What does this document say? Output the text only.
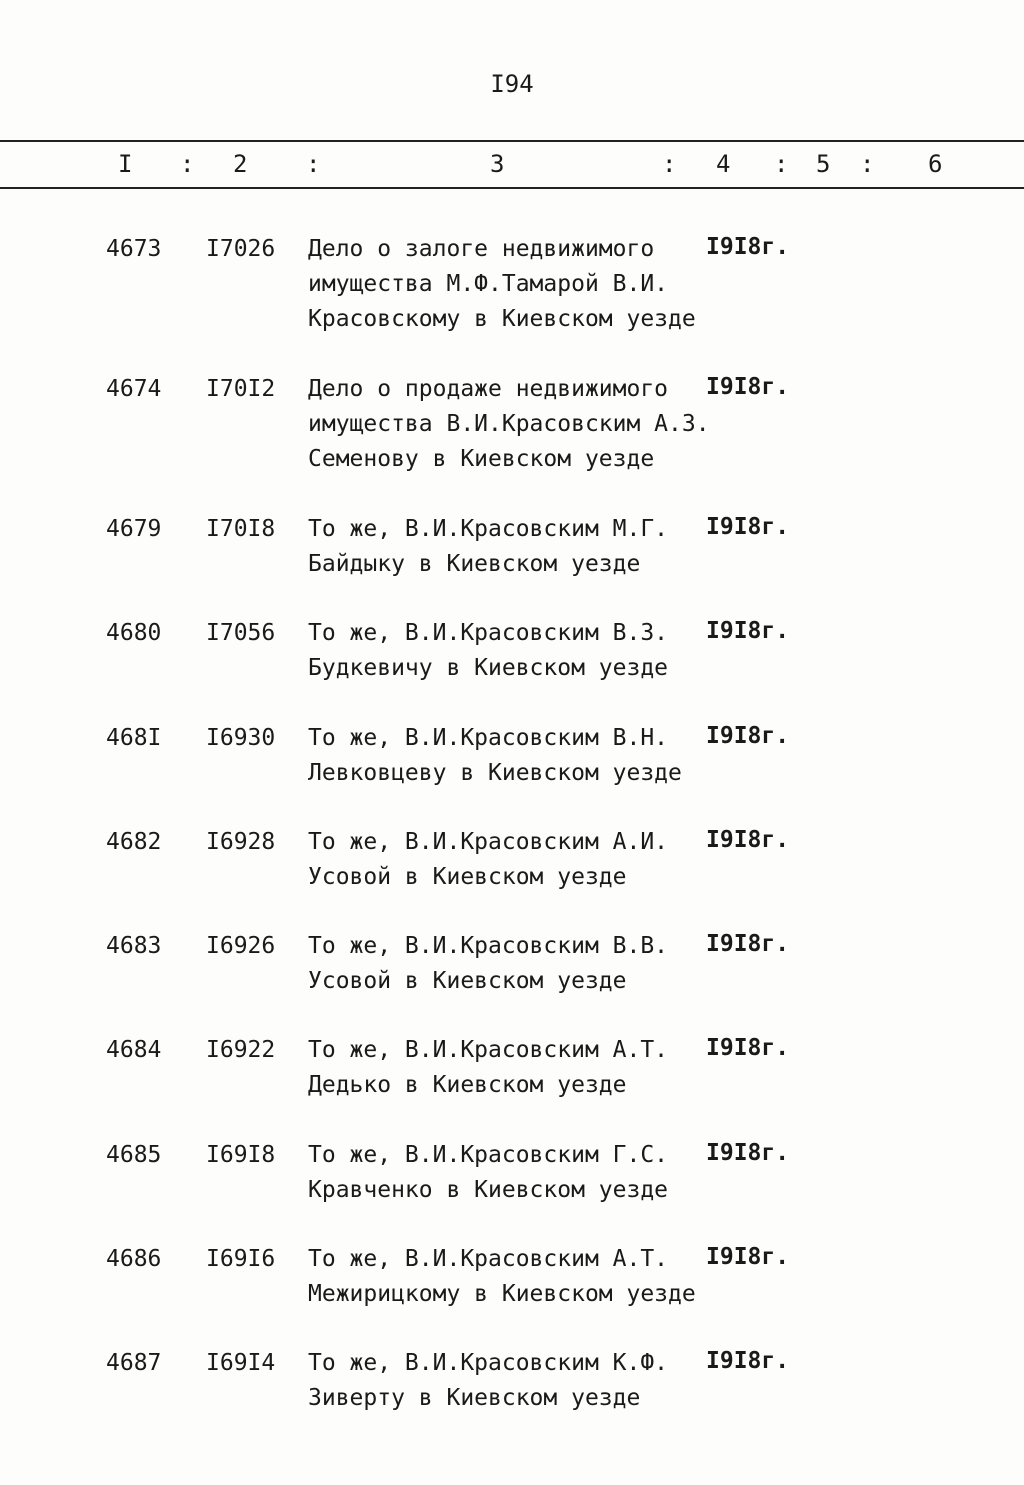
I94
I : 2 :	3	: 4 : 5 : 6
4673 I7026 Дело о залоге недвижимого
имущества М.Ф.Тамарой В.И.
Красовскому в Киевском уезде
I9I8г.
4674 I70I2 Дело о продаже недвижимого
имущества В.И.Красовским А.З.
Семенову в Киевском уезде
I9I8г.
4679 I70I8 То же, В.И.Красовским М.Г.
Байдыку в Киевском уезде
I9I8г.
4680 I7056 То же, В.И.Красовским В.З.
Будкевичу в Киевском уезде
I9I8г.
468I I6930 То же, В.И.Красовским В.Н.
Левковцеву в Киевском уезде
I9I8г.
4682 I6928 То же, В.И.Красовским А.И.
Усовой в Киевском уезде
I9I8г.
4683 I6926 То же, В.И.Красовским В.В.
Усовой в Киевском уезде
I9I8г.
4684 I6922 То же, В.И.Красовским А.Т.
Дедько в Киевском уезде
I9I8г.
4685 I69I8 То же, В.И.Красовским Г.С.
Кравченко в Киевском уезде
I9I8г.
4686 I69I6 То же, В.И.Красовским А.Т.
Межирицкому в Киевском уезде
I9I8г.
4687 I69I4 То же, В.И.Красовским К.Ф.
Зиверту в Киевском уезде
I9I8г.
